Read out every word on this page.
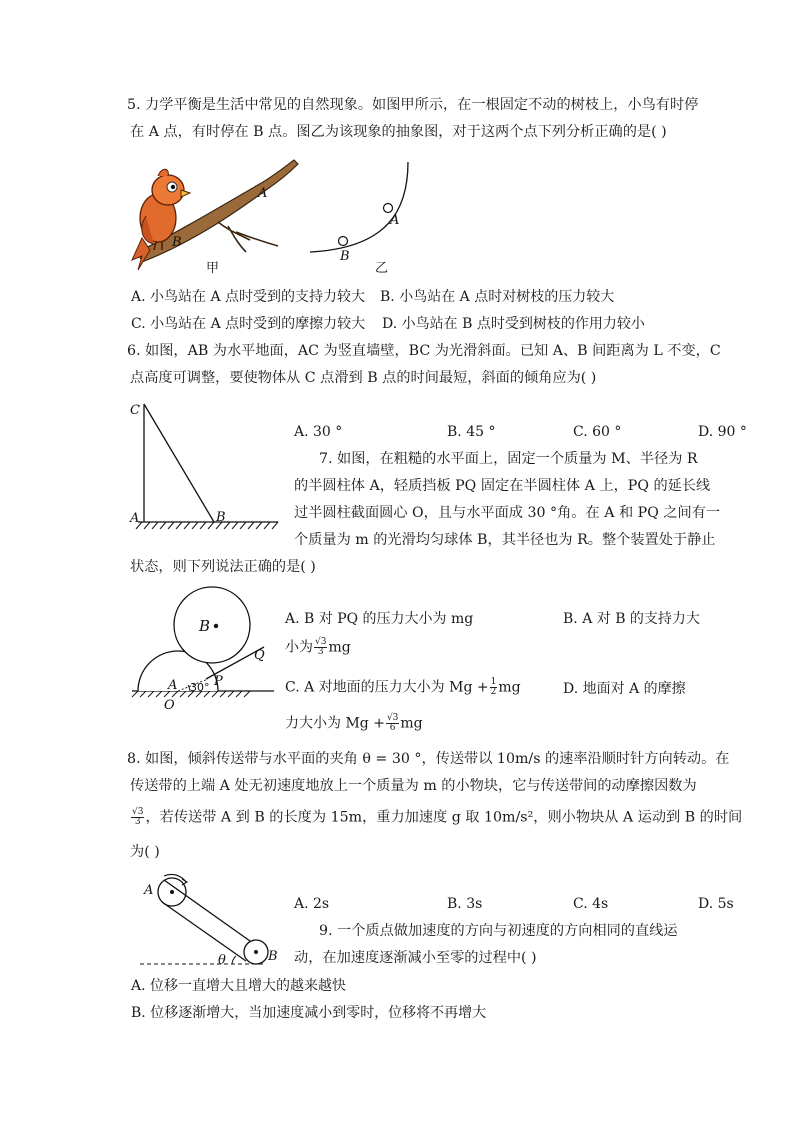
5. 力学平衡是生活中常见的自然现象。如图甲所示，在一根固定不动的树枝上，小鸟有时停
在 A 点，有时停在 B 点。图乙为该现象的抽象图，对于这两个点下列分析正确的是( )
A
B
甲
A
B
乙
A. 小鸟站在 A 点时受到的支持力较大 B. 小鸟站在 A 点时对树枝的压力较大
C. 小鸟站在 A 点时受到的摩擦力较大 D. 小鸟站在 B 点时受到树枝的作用力较小
6. 如图，AB 为水平地面，AC 为竖直墙壁，BC 为光滑斜面。已知 A、B 间距离为 L 不变，C
点高度可调整，要使物体从 C 点滑到 B 点的时间最短，斜面的倾角应为( )
C
A	B
A. 30 °	B. 45 °	C. 60 °	D. 90 °
7. 如图，在粗糙的水平面上，固定一个质量为 M、半径为 R
的半圆柱体 A，轻质挡板 PQ 固定在半圆柱体 A 上，PQ 的延长线
过半圆柱截面圆心 O，且与水平面成 30 °角。在 A 和 PQ 之间有一
个质量为 m 的光滑均匀球体 B，其半径也为 R。整个装置处于静止
状态，则下列说法正确的是( )
B
Q
A	P
O
30°
A. B 对 PQ 的压力大小为 mg	B. A 对 B 的支持力大
小为 $\frac{√3}{3}$ mg
C. A 对地面的压力大小为 $Mg + \frac{1}{2}$ mg	D. 地面对 A 的摩擦
力大小为 $Mg + \frac{√3}{6}$ mg
8. 如图，倾斜传送带与水平面的夹角 θ = 30 °，传送带以 10m/s 的速率沿顺时针方向转动。在
传送带的上端 A 处无初速度地放上一个质量为 m 的小物块，它与传送带间的动摩擦因数为
$\frac{√3}{3}$ ，若传送带 A 到 B 的长度为 15m，重力加速度 g 取 10m/s²，则小物块从 A 运动到 B 的时间
为( )
A
B
θ
A. 2s	B. 3s	C. 4s	D. 5s
9. 一个质点做加速度的方向与初速度的方向相同的直线运
动，在加速度逐渐减小至零的过程中( )
A. 位移一直增大且增大的越来越快
B. 位移逐渐增大，当加速度减小到零时，位移将不再增大
